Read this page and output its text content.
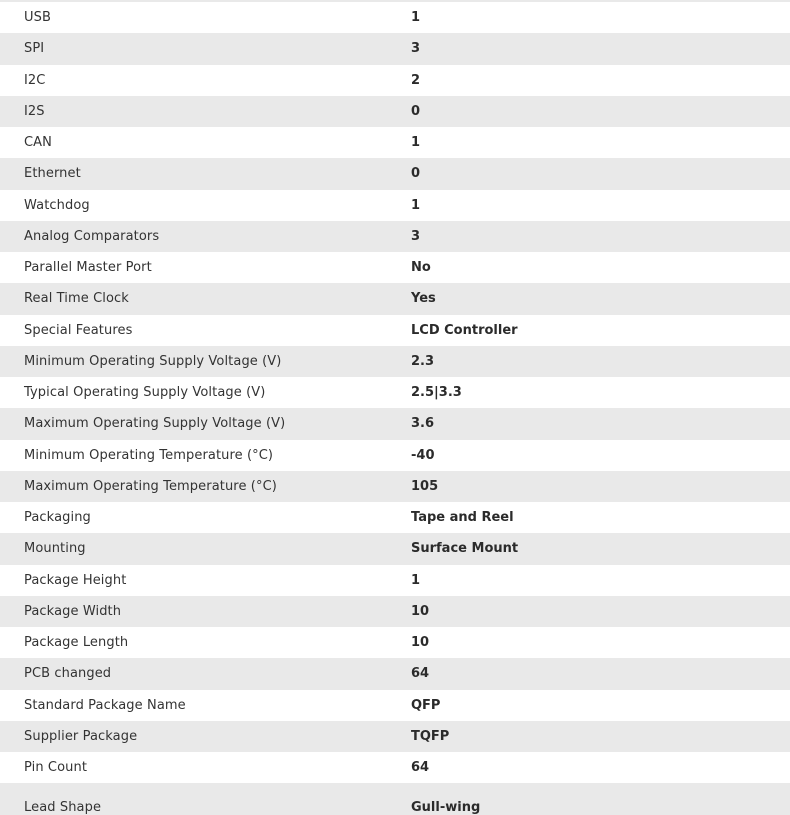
USB	1
SPI	3
I2C	2
I2S	0
CAN	1
Ethernet	0
Watchdog	1
Analog Comparators	3
Parallel Master Port	No
Real Time Clock	Yes
Special Features	LCD Controller
Minimum Operating Supply Voltage (V)	2.3
Typical Operating Supply Voltage (V)	2.5|3.3
Maximum Operating Supply Voltage (V)	3.6
Minimum Operating Temperature (°C)	-40
Maximum Operating Temperature (°C)	105
Packaging	Tape and Reel
Mounting	Surface Mount
Package Height	1
Package Width	10
Package Length	10
PCB changed	64
Standard Package Name	QFP
Supplier Package	TQFP
Pin Count	64
Lead Shape	Gull-wing
